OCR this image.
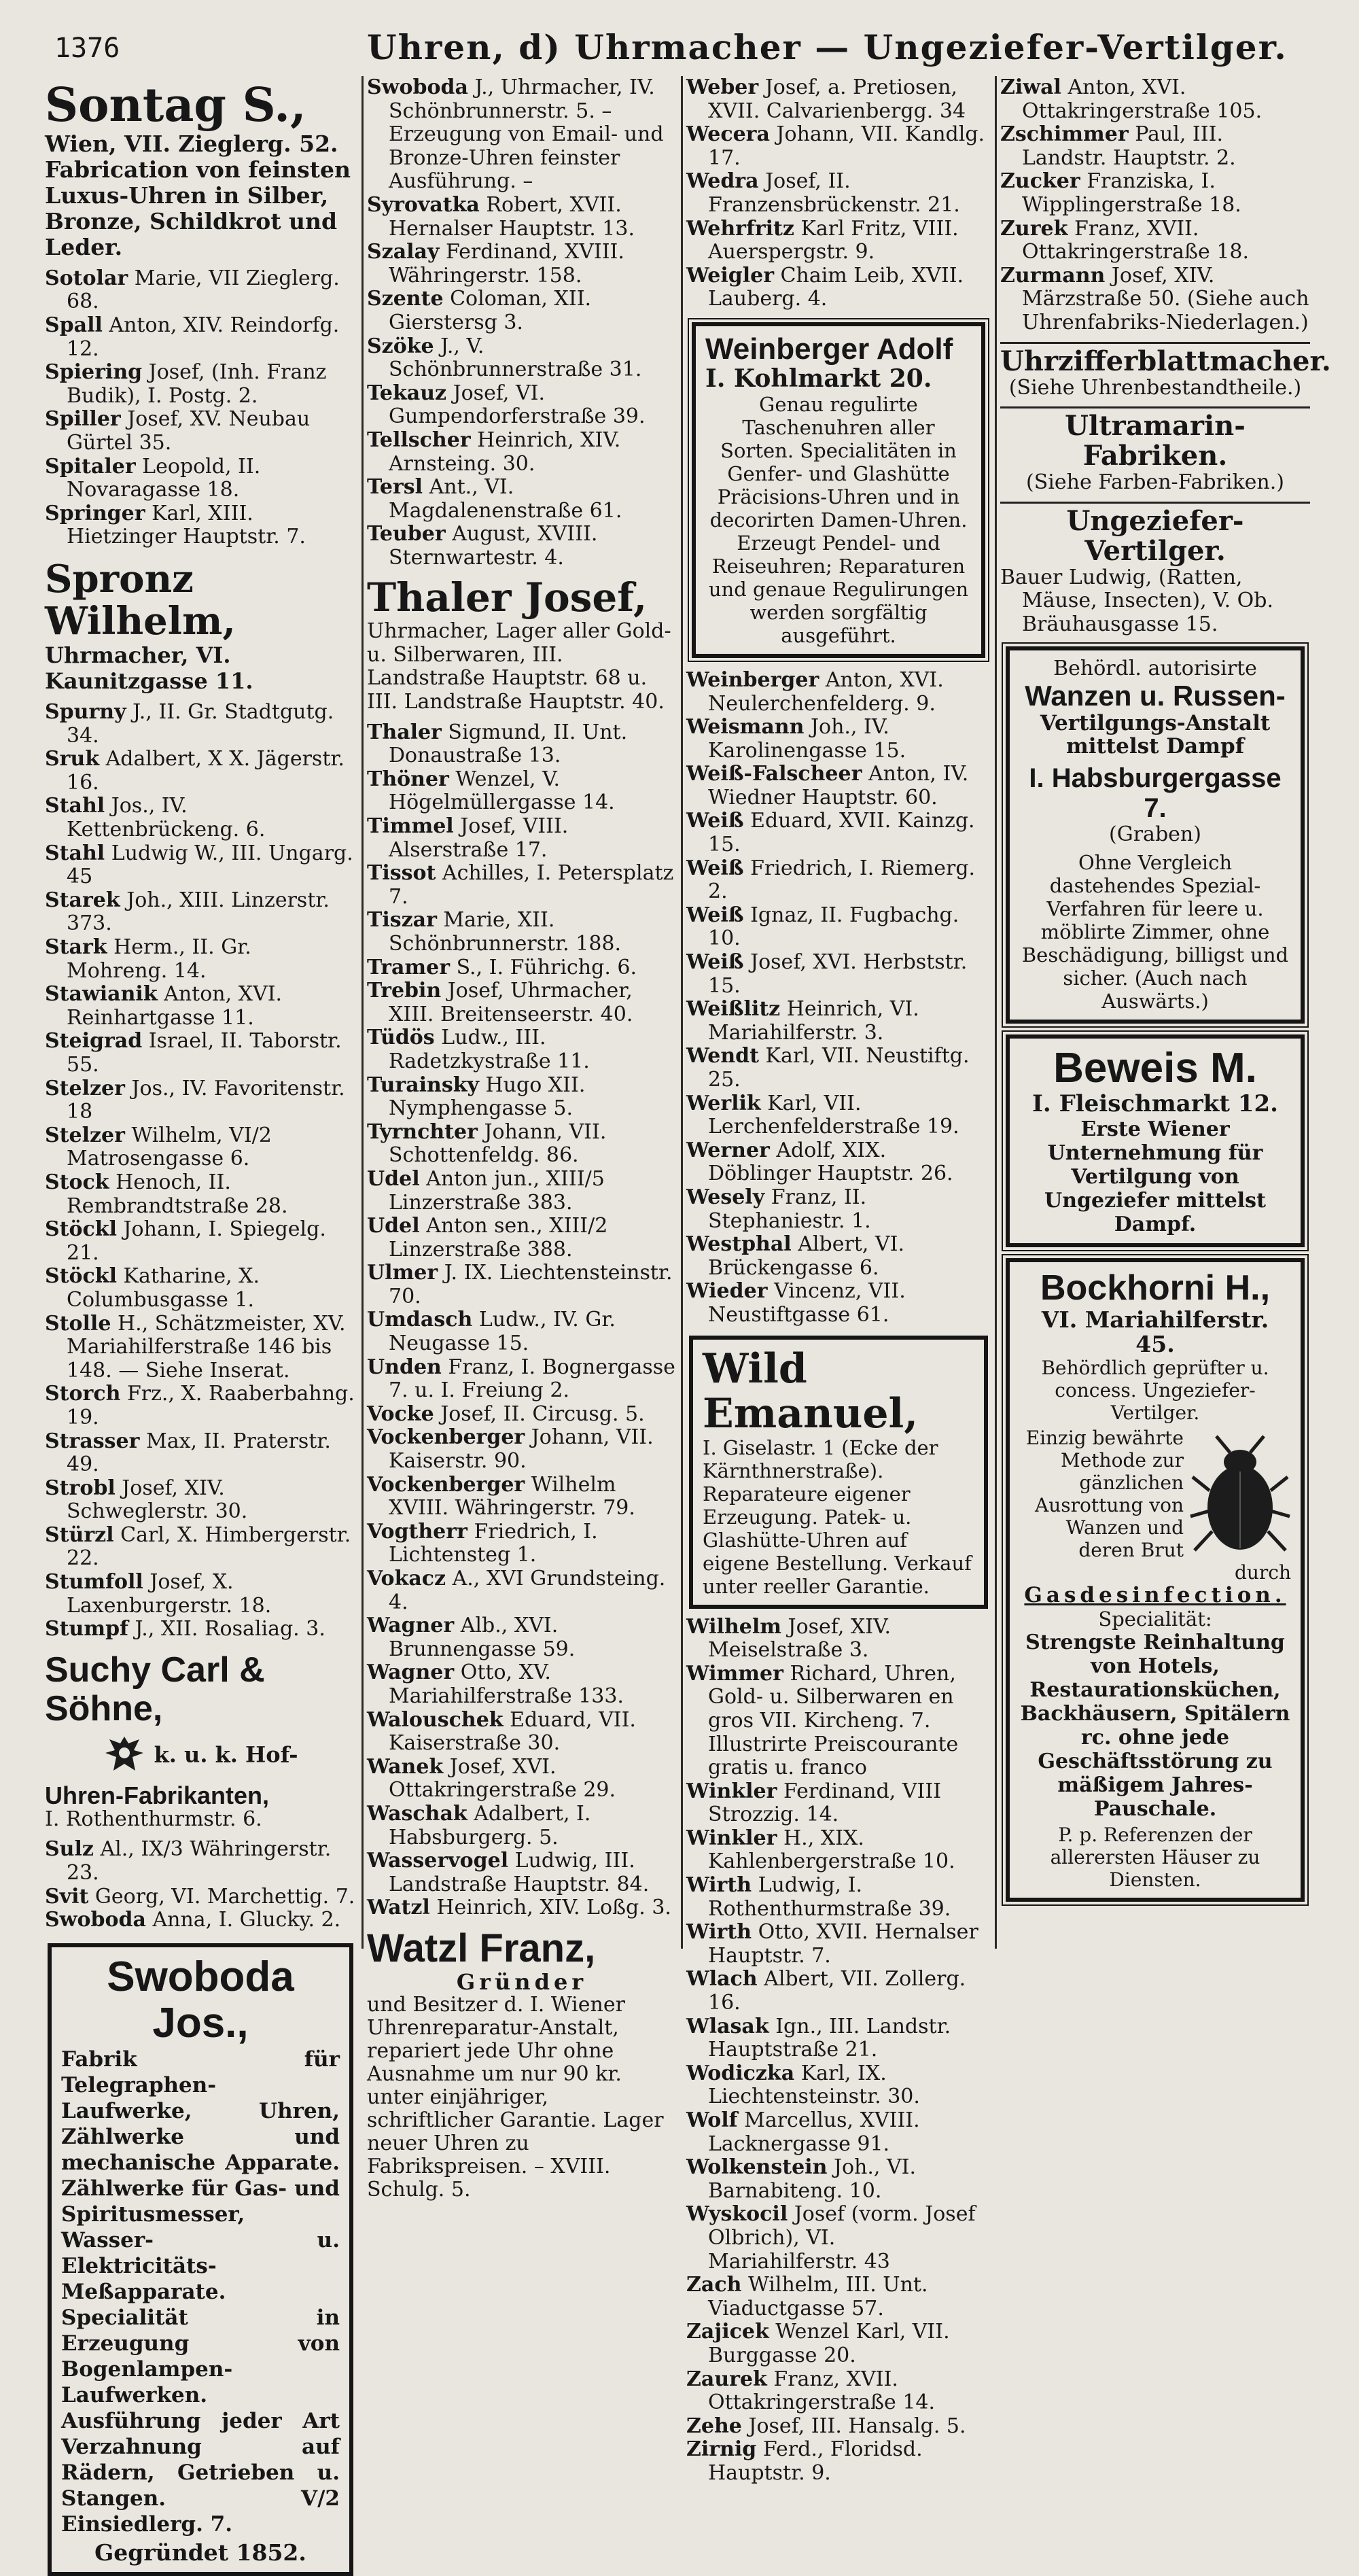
1376	Uhren, d) Uhrmacher — Ungeziefer-Vertilger.
Sontag S.,
Wien, VII. Zieglerg. 52. Fabrication von feinsten Luxus-Uhren in Silber, Bronze, Schildkrot und Leder.

Sotolar Marie, VII Zieglerg. 68.

Spall Anton, XIV. Reindorfg. 12.

Spiering Josef, (Inh. Franz Budik), I. Postg. 2.

Spiller Josef, XV. Neubau Gürtel 35.

Spitaler Leopold, II. Novaragasse 18.

Springer Karl, XIII. Hietzinger Hauptstr. 7.

Spronz Wilhelm,
Uhrmacher, VI. Kaunitzgasse 11.

Spurny J., II. Gr. Stadtgutg. 34.

Sruk Adalbert, X X. Jägerstr. 16.

Stahl Jos., IV. Kettenbrückeng. 6.

Stahl Ludwig W., III. Ungarg. 45

Starek Joh., XIII. Linzerstr. 373.

Stark Herm., II. Gr. Mohreng. 14.

Stawianik Anton, XVI. Reinhartgasse 11.

Steigrad Israel, II. Taborstr. 55.

Stelzer Jos., IV. Favoritenstr. 18

Stelzer Wilhelm, VI/2 Matrosengasse 6.

Stock Henoch, II. Rembrandtstraße 28.

Stöckl Johann, I. Spiegelg. 21.

Stöckl Katharine, X. Columbusgasse 1.

Stolle H., Schätzmeister, XV. Mariahilferstraße 146 bis 148. — Siehe Inserat.

Storch Frz., X. Raaberbahng. 19.

Strasser Max, II. Praterstr. 49.

Strobl Josef, XIV. Schweglerstr. 30.

Stürzl Carl, X. Himbergerstr. 22.

Stumfoll Josef, X. Laxenburgerstr. 18.

Stumpf J., XII. Rosaliag. 3.

Suchy Carl & Söhne,
k. u. k. Hof-
Uhren-Fabrikanten,
I. Rothenthurmstr. 6.

Sulz Al., IX/3 Währingerstr. 23.

Svit Georg, VI. Marchettig. 7.

Swoboda Anna, I. Glucky. 2.

Swoboda Jos.,
Fabrik für Telegraphen-Laufwerke, Uhren, Zählwerke und mechanische Apparate. Zählwerke für Gas- und Spiritusmesser, Wasser- u. Elektricitäts-Meßapparate. Specialität in Erzeugung von Bogenlampen-Laufwerken. Ausführung jeder Art Verzahnung auf Rädern, Getrieben u. Stangen. V/2 Einsiedlerg. 7.
Gegründet 1852.

Swoboda J., Uhrmacher, IV. Schönbrunnerstr. 5. – Erzeugung von Email- und Bronze-Uhren feinster Ausführung. –

Syrovatka Robert, XVII. Hernalser Hauptstr. 13.

Szalay Ferdinand, XVIII. Währingerstr. 158.

Szente Coloman, XII. Gierstersg 3.

Szöke J., V. Schönbrunnerstraße 31.

Tekauz Josef, VI. Gumpendorferstraße 39.

Tellscher Heinrich, XIV. Arnsteing. 30.

Tersl Ant., VI. Magdalenenstraße 61.

Teuber August, XVIII. Sternwartestr. 4.

Thaler Josef,
Uhrmacher, Lager aller Gold- u. Silberwaren, III. Landstraße Hauptstr. 68 u. III. Landstraße Hauptstr. 40.

Thaler Sigmund, II. Unt. Donaustraße 13.

Thöner Wenzel, V. Högelmüllergasse 14.

Timmel Josef, VIII. Alserstraße 17.

Tissot Achilles, I. Petersplatz 7.

Tiszar Marie, XII. Schönbrunnerstr. 188.

Tramer S., I. Führichg. 6.

Trebin Josef, Uhrmacher, XIII. Breitenseerstr. 40.

Tüdös Ludw., III. Radetzkystraße 11.

Turainsky Hugo XII. Nymphengasse 5.

Tyrnchter Johann, VII. Schottenfeldg. 86.

Udel Anton jun., XIII/5 Linzerstraße 383.

Udel Anton sen., XIII/2 Linzerstraße 388.

Ulmer J. IX. Liechtensteinstr. 70.

Umdasch Ludw., IV. Gr. Neugasse 15.

Unden Franz, I. Bognergasse 7. u. I. Freiung 2.

Vocke Josef, II. Circusg. 5.

Vockenberger Johann, VII. Kaiserstr. 90.

Vockenberger Wilhelm XVIII. Währingerstr. 79.

Vogtherr Friedrich, I. Lichtensteg 1.

Vokacz A., XVI Grundsteing. 4.

Wagner Alb., XVI. Brunnengasse 59.

Wagner Otto, XV. Mariahilferstraße 133.

Walouschek Eduard, VII. Kaiserstraße 30.

Wanek Josef, XVI. Ottakringerstraße 29.

Waschak Adalbert, I. Habsburgerg. 5.

Wasservogel Ludwig, III. Landstraße Hauptstr. 84.

Watzl Heinrich, XIV. Loßg. 3.

Watzl Franz,
Gründer
und Besitzer d. I. Wiener Uhrenreparatur-Anstalt, repariert jede Uhr ohne Ausnahme um nur 90 kr. unter einjähriger, schriftlicher Garantie. Lager neuer Uhren zu Fabrikspreisen. – XVIII. Schulg. 5.

Weber Josef, a. Pretiosen, XVII. Calvarienbergg. 34

Wecera Johann, VII. Kandlg. 17.

Wedra Josef, II. Franzensbrückenstr. 21.

Wehrfritz Karl Fritz, VIII. Auerspergstr. 9.

Weigler Chaim Leib, XVII. Lauberg. 4.

Weinberger Adolf
I. Kohlmarkt 20.
Genau regulirte Taschenuhren aller Sorten. Specialitäten in Genfer- und Glashütte Präcisions-Uhren und in decorirten Damen-Uhren. Erzeugt Pendel- und Reiseuhren; Reparaturen und genaue Regulirungen werden sorgfältig ausgeführt.

Weinberger Anton, XVI. Neulerchenfelderg. 9.

Weismann Joh., IV. Karolinengasse 15.

Weiß-Falscheer Anton, IV. Wiedner Hauptstr. 60.

Weiß Eduard, XVII. Kainzg. 15.

Weiß Friedrich, I. Riemerg. 2.

Weiß Ignaz, II. Fugbachg. 10.

Weiß Josef, XVI. Herbststr. 15.

Weißlitz Heinrich, VI. Mariahilferstr. 3.

Wendt Karl, VII. Neustiftg. 25.

Werlik Karl, VII. Lerchenfelderstraße 19.

Werner Adolf, XIX. Döblinger Hauptstr. 26.

Wesely Franz, II. Stephaniestr. 1.

Westphal Albert, VI. Brückengasse 6.

Wieder Vincenz, VII. Neustiftgasse 61.

Wild Emanuel,
I. Giselastr. 1 (Ecke der Kärnthnerstraße). Reparateure eigener Erzeugung. Patek- u. Glashütte-Uhren auf eigene Bestellung. Verkauf unter reeller Garantie.

Wilhelm Josef, XIV. Meiselstraße 3.

Wimmer Richard, Uhren, Gold- u. Silberwaren en gros VII. Kircheng. 7. Illustrirte Preiscourante gratis u. franco

Winkler Ferdinand, VIII Strozzig. 14.

Winkler H., XIX. Kahlenbergerstraße 10.

Wirth Ludwig, I. Rothenthurmstraße 39.

Wirth Otto, XVII. Hernalser Hauptstr. 7.

Wlach Albert, VII. Zollerg. 16.

Wlasak Ign., III. Landstr. Hauptstraße 21.

Wodiczka Karl, IX. Liechtensteinstr. 30.

Wolf Marcellus, XVIII. Lacknergasse 91.

Wolkenstein Joh., VI. Barnabiteng. 10.

Wyskocil Josef (vorm. Josef Olbrich), VI. Mariahilferstr. 43

Zach Wilhelm, III. Unt. Viaductgasse 57.

Zajicek Wenzel Karl, VII. Burggasse 20.

Zaurek Franz, XVII. Ottakringerstraße 14.

Zehe Josef, III. Hansalg. 5.

Zirnig Ferd., Floridsd. Hauptstr. 9.

Ziwal Anton, XVI. Ottakringerstraße 105.

Zschimmer Paul, III. Landstr. Hauptstr. 2.

Zucker Franziska, I. Wipplingerstraße 18.

Zurek Franz, XVII. Ottakringerstraße 18.

Zurmann Josef, XIV. Märzstraße 50. (Siehe auch Uhrenfabriks-Niederlagen.)

Uhrzifferblattmacher.
(Siehe Uhrenbestandtheile.)
Ultramarin-Fabriken.
(Siehe Farben-Fabriken.)
Ungeziefer-Vertilger.

Bauer Ludwig, (Ratten, Mäuse, Insecten), V. Ob. Bräuhausgasse 15.

Behördl. autorisirte
Wanzen u. Russen-
Vertilgungs-Anstalt mittelst Dampf
I. Habsburgergasse 7.
(Graben)
Ohne Vergleich dastehendes Spezial-Verfahren für leere u. möblirte Zimmer, ohne Beschädigung, billigst und sicher. (Auch nach Auswärts.)
Beweis M.
I. Fleischmarkt 12.
Erste Wiener Unternehmung für Vertilgung von Ungeziefer mittelst Dampf.
Bockhorni H.,
VI. Mariahilferstr. 45.
Behördlich geprüfter u. concess. Ungeziefer-Vertilger.
Einzig bewährte Methode zur gänzlichen Ausrottung von Wanzen und deren Brut durch
Gasdesinfection.
Specialität:
Strengste Reinhaltung von Hotels, Restaurationsküchen, Backhäusern, Spitälern rc. ohne jede Geschäftsstörung zu mäßigem Jahres-Pauschale.
P. p. Referenzen der allerersten Häuser zu Diensten.
